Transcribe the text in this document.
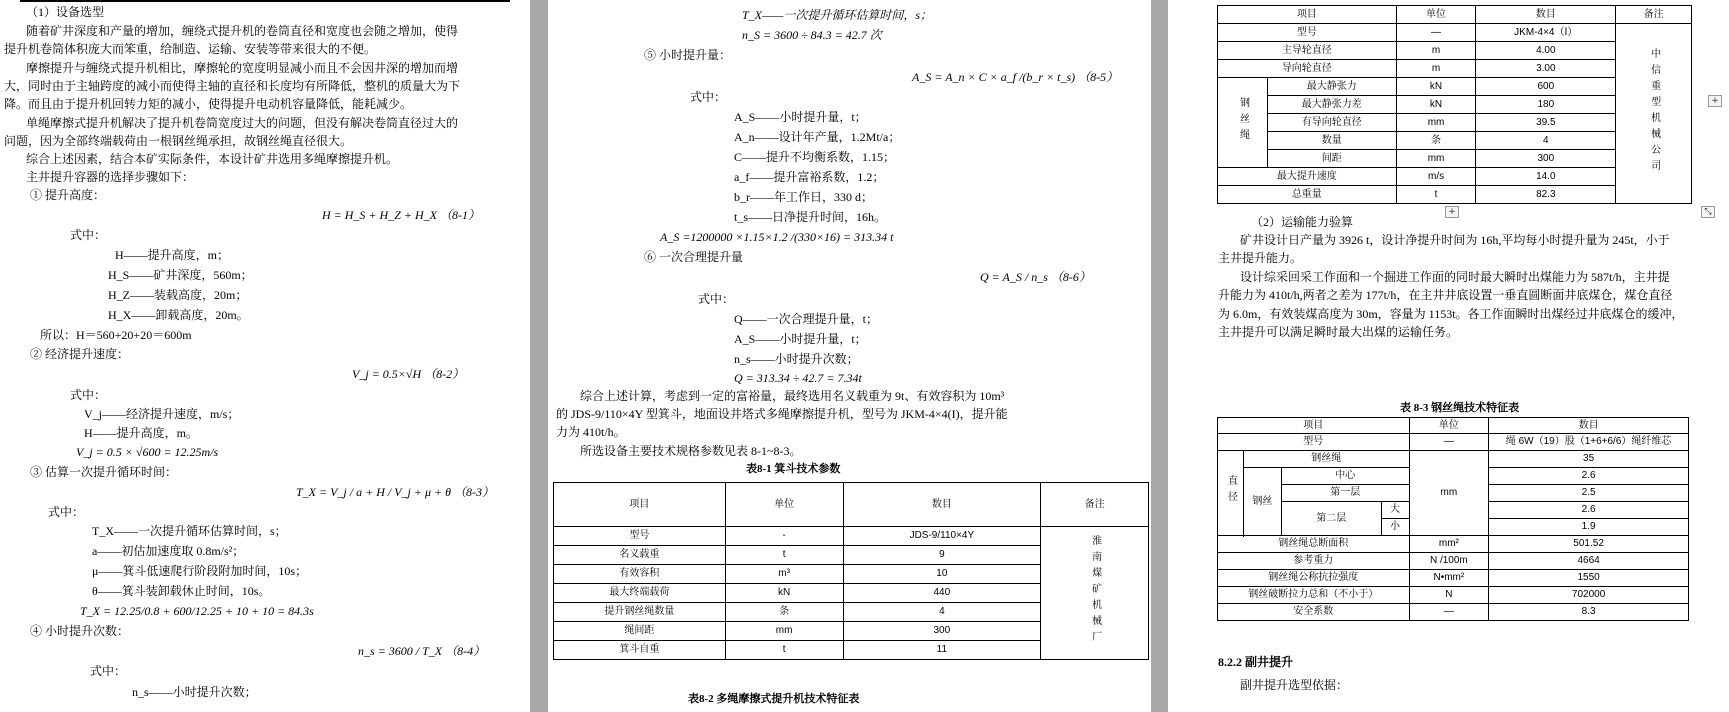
（1）设备选型
随着矿井深度和产量的增加，缠绕式提升机的卷筒直径和宽度也会随之增加，使得
提升机卷筒体积庞大而笨重，给制造、运输、安装等带来很大的不便。
摩擦提升与缠绕式提升机相比，摩擦轮的宽度明显减小而且不会因井深的增加而增
大，同时由于主轴跨度的减小而使得主轴的直径和长度均有所降低，整机的质量大为下
降。而且由于提升机回转力矩的减小，使得提升电动机容量降低，能耗减少。
单绳摩擦式提升机解决了提升机卷筒宽度过大的问题，但没有解决卷筒直径过大的
问题，因为全部终端载荷由一根钢丝绳承担，故钢丝绳直径很大。
综合上述因素，结合本矿实际条件，本设计矿井选用多绳摩擦提升机。
主井提升容器的选择步骤如下：
① 提升高度：
H = H_S + H_Z + H_X （8-1）
式中：
H——提升高度，m；
H_S——矿井深度，560m；
H_Z——装载高度，20m；
H_X——卸载高度，20m。
所以：H＝560+20+20＝600m
② 经济提升速度：
V_j = 0.5×√H （8-2）
式中：
V_j——经济提升速度，m/s；
H——提升高度，m。
V_j = 0.5 × √600 = 12.25m/s
③ 估算一次提升循环时间：
T_X = V_j / a + H / V_j + μ + θ （8-3）
式中：
T_X——一次提升循环估算时间，s；
a——初估加速度取 0.8m/s²；
μ——箕斗低速爬行阶段附加时间，10s；
θ——箕斗装卸载休止时间，10s。
T_X = 12.25/0.8 + 600/12.25 + 10 + 10 = 84.3s
④ 小时提升次数：
n_s = 3600 / T_X （8-4）
式中：
n_s——小时提升次数；
T_X——一次提升循环估算时间，s；
n_S = 3600 ÷ 84.3 = 42.7 次
⑤ 小时提升量：
A_S = A_n × C × a_f /(b_r × t_s) （8-5）
式中：
A_S——小时提升量，t；
A_n——设计年产量，1.2Mt/a；
C——提升不均衡系数，1.15；
a_f——提升富裕系数，1.2；
b_r——年工作日，330 d；
t_s——日净提升时间，16h。
A_S =1200000 ×1.15×1.2 /(330×16) = 313.34 t
⑥ 一次合理提升量
Q = A_S / n_s （8-6）
式中：
Q——一次合理提升量，t；
A_S——小时提升量，t；
n_s——小时提升次数；
Q = 313.34 ÷ 42.7 = 7.34t
综合上述计算，考虑到一定的富裕量，最终选用名义载重为 9t、有效容积为 10m³
的 JDS-9/110×4Y 型箕斗，地面设井塔式多绳摩擦提升机，型号为 JKM-4×4(I)，提升能
力为 410t/h。
所选设备主要技术规格参数见表 8-1~8-3。
表8-1 箕斗技术参数
项目	单位	数目	备注
型号	-	JDS-9/110×4Y	淮南煤矿机械厂
名义载重	t	9	
有效容积	m³	10	
最大终端载荷	kN	440	
提升钢丝绳数量	条	4	
绳间距	mm	300	
箕斗自重	t	11	
表8-2 多绳摩擦式提升机技术特征表
项目		单位	数目	备注
型号		—	JKM-4×4（Ⅰ）	中信重型机械公司
主导轮直径		m	4.00	
导向轮直径		m	3.00	
钢丝绳	最大静张力	kN	600	
	最大静张力差	kN	180	
	有导向轮直径	mm	39.5	
	数量	条	4	
	间距	mm	300	
最大提升速度		m/s	14.0	
总重量		t	82.3	
+	⤡
+
（2）运输能力验算
矿井设计日产量为 3926 t，设计净提升时间为 16h,平均每小时提升量为 245t，小于
主井提升能力。
设计综采回采工作面和一个掘进工作面的同时最大瞬时出煤能力为 587t/h，主井提
升能力为 410t/h,两者之差为 177t/h，在主井井底设置一垂直圆断面井底煤仓，煤仓直径
为 6.0m，有效装煤高度为 30m，容量为 1153t。各工作面瞬时出煤经过井底煤仓的缓冲，
主井提升可以满足瞬时最大出煤的运输任务。
表 8-3 钢丝绳技术特征表
项目				单位	数目
型号				—	绳 6W（19）股（1+6+6/6）绳纤维芯
直径	钢丝绳			mm	35
	钢丝	中心			2.6
		第一层			2.5
		第二层	大		2.6
			小		1.9

钢丝绳总断面积				mm²	501.52
参考重力				N /100m	4664
钢丝绳公称抗拉强度				N•mm²	1550
钢丝破断拉力总和（不小于）				N	702000
安全系数				—	8.3
8.2.2 副井提升
副井提升选型依据：
